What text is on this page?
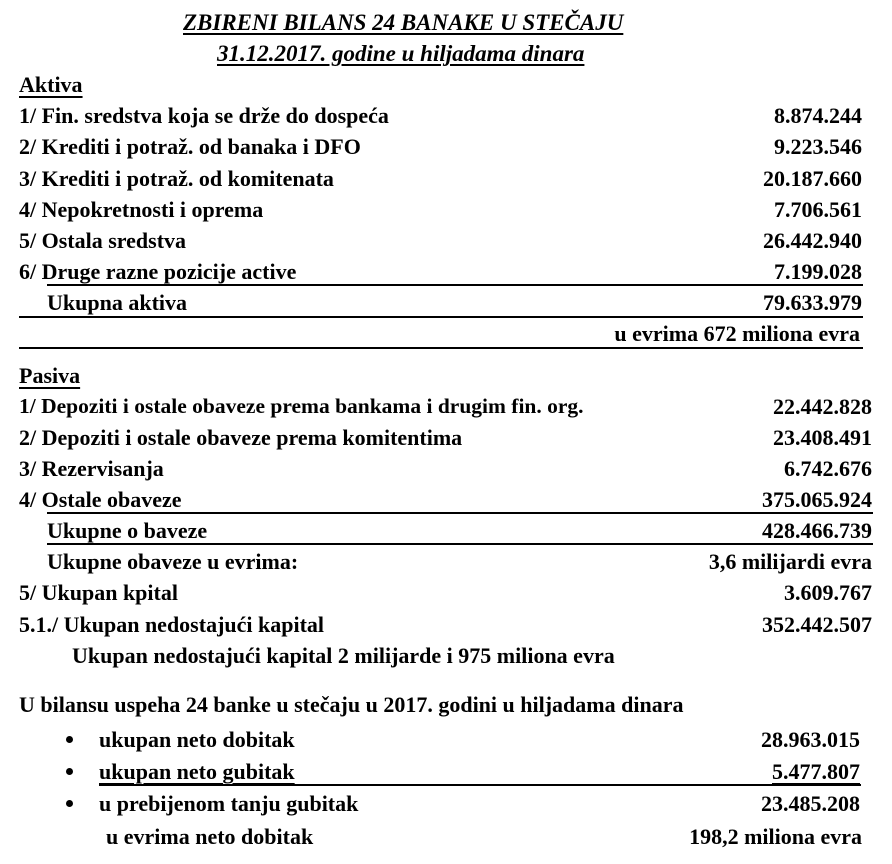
ZBIRENI BILANS 24 BANAKE U STEČAJU
31.12.2017. godine u hiljadama dinara
Aktiva
1/ Fin. sredstva koja se drže do dospeća	8.874.244
2/ Krediti i potraž. od banaka i DFO	9.223.546
3/ Krediti i potraž. od komitenata	20.187.660
4/ Nepokretnosti i oprema	7.706.561
5/ Ostala sredstva	26.442.940
6/ Druge razne pozicije active	7.199.028
Ukupna aktiva	79.633.979
u evrima 672 miliona evra
Pasiva
1/ Depoziti i ostale obaveze prema bankama i drugim fin. org.	22.442.828
2/ Depoziti i ostale obaveze prema komitentima	23.408.491
3/ Rezervisanja	6.742.676
4/ Ostale obaveze	375.065.924
Ukupne o baveze	428.466.739
Ukupne obaveze u evrima:	3,6 milijardi evra
5/ Ukupan kpital	3.609.767
5.1./ Ukupan nedostajući kapital	352.442.507
Ukupan nedostajući kapital 2 milijarde i 975 miliona evra
U bilansu uspeha 24 banke u stečaju u 2017. godini u hiljadama dinara
ukupan neto dobitak	28.963.015
ukupan neto gubitak	5.477.807
u prebijenom tanju gubitak	23.485.208
u evrima neto dobitak	198,2 miliona evra
